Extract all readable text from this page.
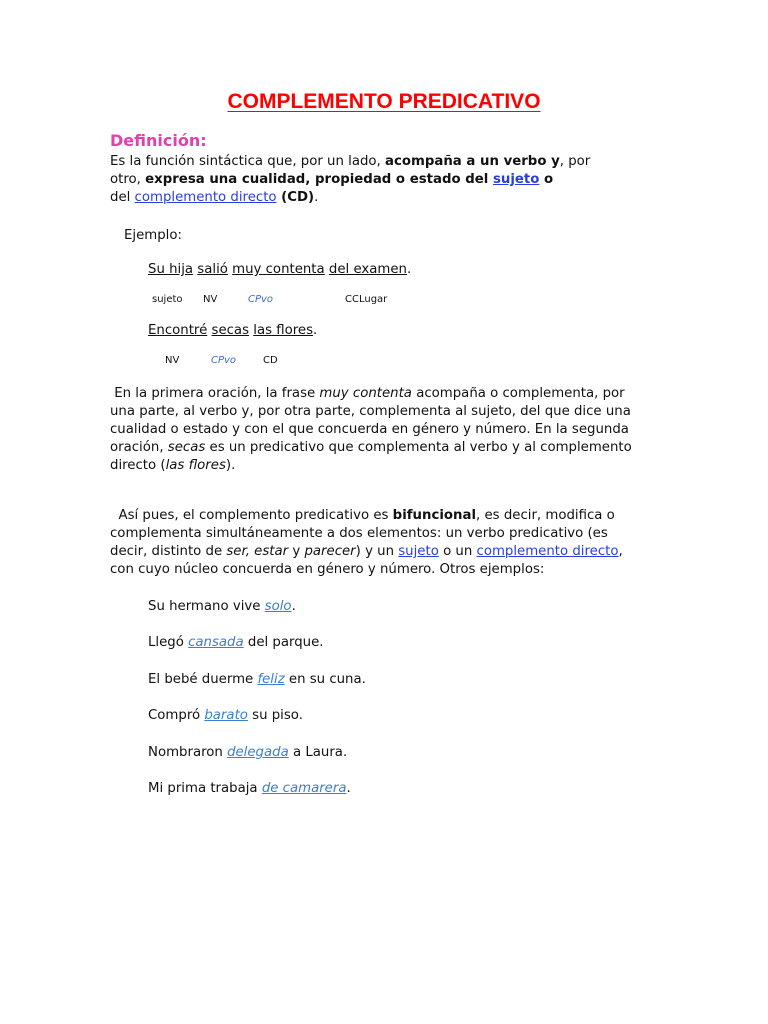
COMPLEMENTO PREDICATIVO
Definición:
Es la función sintáctica que, por un lado, acompaña a un verbo y, por
otro, expresa una cualidad, propiedad o estado del sujeto o
del complemento directo (CD).
Ejemplo:
Su hija salió muy contenta del examen.
sujeto NV	CPvo	CCLugar
Encontré secas las flores.
NV	CPvo	CD
En la primera oración, la frase muy contenta acompaña o complementa, por
una parte, al verbo y, por otra parte, complementa al sujeto, del que dice una
cualidad o estado y con el que concuerda en género y número. En la segunda
oración, secas es un predicativo que complementa al verbo y al complemento
directo (las flores).
Así pues, el complemento predicativo es bifuncional, es decir, modifica o
complementa simultáneamente a dos elementos: un verbo predicativo (es
decir, distinto de ser, estar y parecer) y un sujeto o un complemento directo,
con cuyo núcleo concuerda en género y número. Otros ejemplos:
Su hermano vive solo.
Llegó cansada del parque.
El bebé duerme feliz en su cuna.
Compró barato su piso.
Nombraron delegada a Laura.
Mi prima trabaja de camarera.
